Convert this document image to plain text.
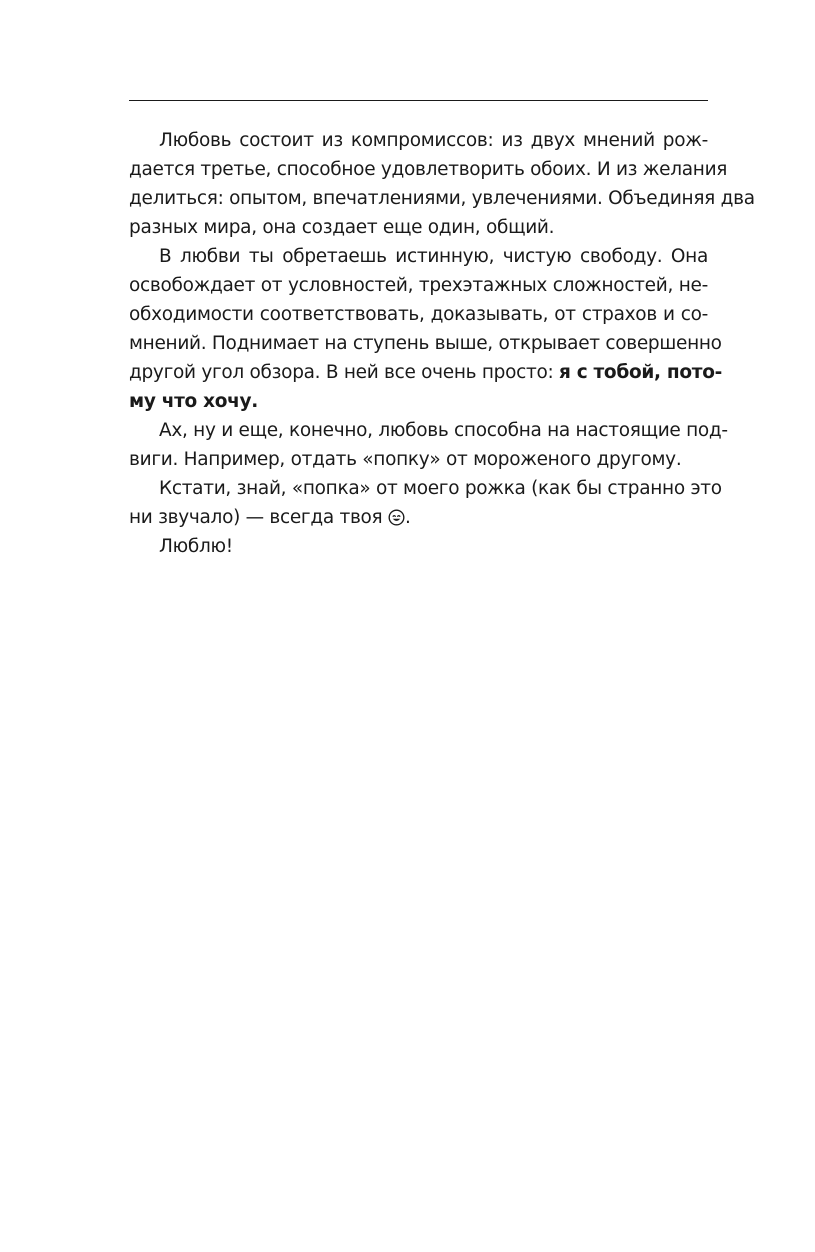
Любовь состоит из компромиссов: из двух мнений рож-
дается третье, способное удовлетворить обоих. И из желания
делиться: опытом, впечатлениями, увлечениями. Объединяя два
разных мира, она создает еще один, общий.

В любви ты обретаешь истинную, чистую свободу. Она
освобождает от условностей, трехэтажных сложностей, не-
обходимости соответствовать, доказывать, от страхов и со-
мнений. Поднимает на ступень выше, открывает совершенно
другой угол обзора. В ней все очень просто: я с тобой, пото-
му что хочу.

Ах, ну и еще, конечно, любовь способна на настоящие под-
виги. Например, отдать «попку» от мороженого другому.

Кстати, знай, «попка» от моего рожка (как бы странно это
ни звучало) — всегда твоя .

Люблю!
